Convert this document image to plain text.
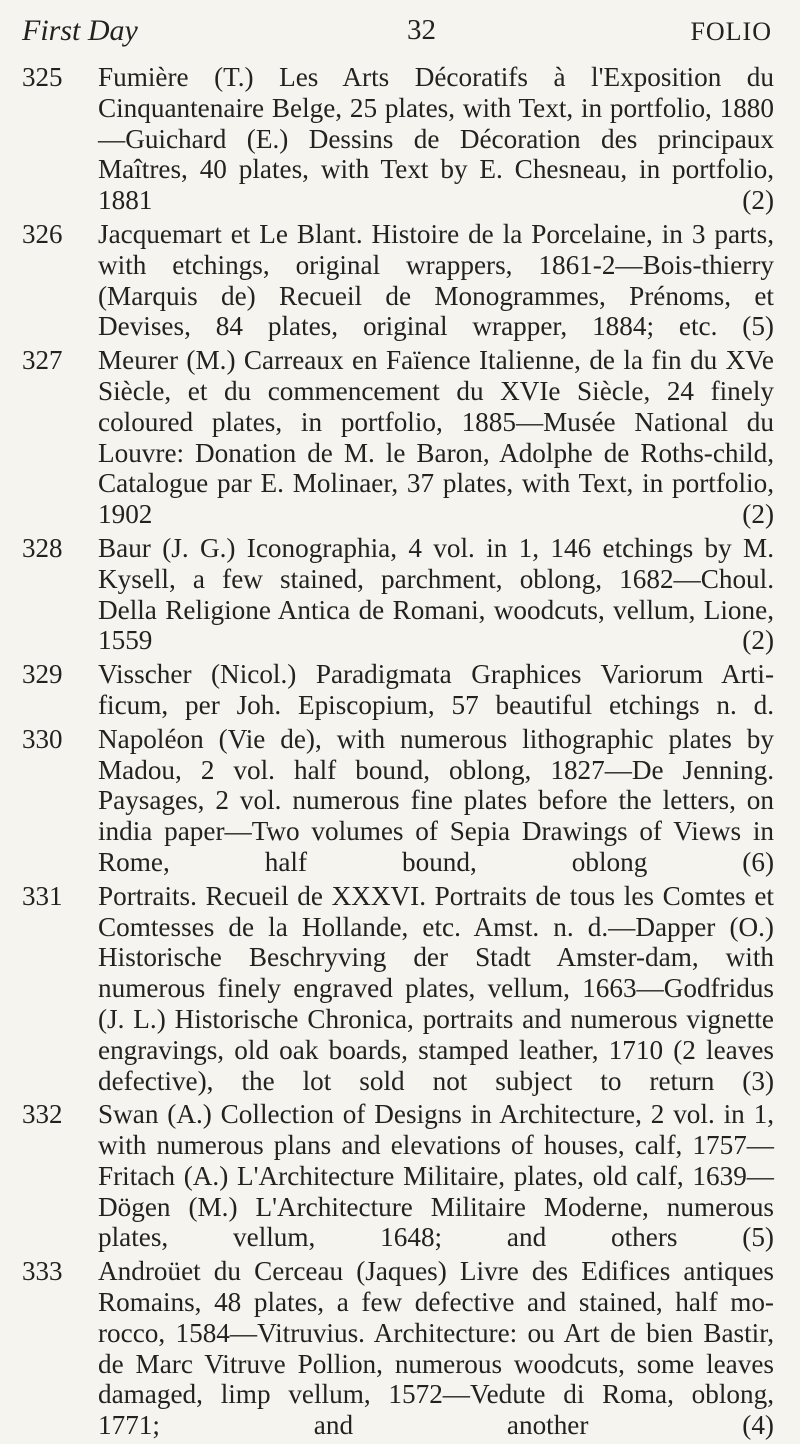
First Day	32	FOLIO
325	Fumière (T.) Les Arts Décoratifs à l'Exposition du Cinquantenaire Belge, 25 plates, with Text, in portfolio, 1880—Guichard (E.) Dessins de Décoration des principaux Maîtres, 40 plates, with Text by E. Chesneau, in portfolio, 1881 (2)
326	Jacquemart et Le Blant. Histoire de la Porcelaine, in 3 parts, with etchings, original wrappers, 1861-2—Bois-thierry (Marquis de) Recueil de Monogrammes, Prénoms, et Devises, 84 plates, original wrapper, 1884; etc. (5)
327	Meurer (M.) Carreaux en Faïence Italienne, de la fin du XVe Siècle, et du commencement du XVIe Siècle, 24 finely coloured plates, in portfolio, 1885—Musée National du Louvre: Donation de M. le Baron, Adolphe de Roths-child, Catalogue par E. Molinaer, 37 plates, with Text, in portfolio, 1902 (2)
328	Baur (J. G.) Iconographia, 4 vol. in 1, 146 etchings by M. Kysell, a few stained, parchment, oblong, 1682—Choul. Della Religione Antica de Romani, woodcuts, vellum, Lione, 1559 (2)
329	Visscher (Nicol.) Paradigmata Graphices Variorum Arti-ficum, per Joh. Episcopium, 57 beautiful etchings n. d.
330	Napoléon (Vie de), with numerous lithographic plates by Madou, 2 vol. half bound, oblong, 1827—De Jenning. Paysages, 2 vol. numerous fine plates before the letters, on india paper—Two volumes of Sepia Drawings of Views in Rome, half bound, oblong (6)
331	Portraits. Recueil de XXXVI. Portraits de tous les Comtes et Comtesses de la Hollande, etc. Amst. n. d.—Dapper (O.) Historische Beschryving der Stadt Amster-dam, with numerous finely engraved plates, vellum, 1663—Godfridus (J. L.) Historische Chronica, portraits and numerous vignette engravings, old oak boards, stamped leather, 1710 (2 leaves defective), the lot sold not subject to return (3)
332	Swan (A.) Collection of Designs in Architecture, 2 vol. in 1, with numerous plans and elevations of houses, calf, 1757—Fritach (A.) L'Architecture Militaire, plates, old calf, 1639—Dögen (M.) L'Architecture Militaire Moderne, numerous plates, vellum, 1648; and others (5)
333	Androüet du Cerceau (Jaques) Livre des Edifices antiques Romains, 48 plates, a few defective and stained, half mo-rocco, 1584—Vitruvius. Architecture: ou Art de bien Bastir, de Marc Vitruve Pollion, numerous woodcuts, some leaves damaged, limp vellum, 1572—Vedute di Roma, oblong, 1771; and another (4)
